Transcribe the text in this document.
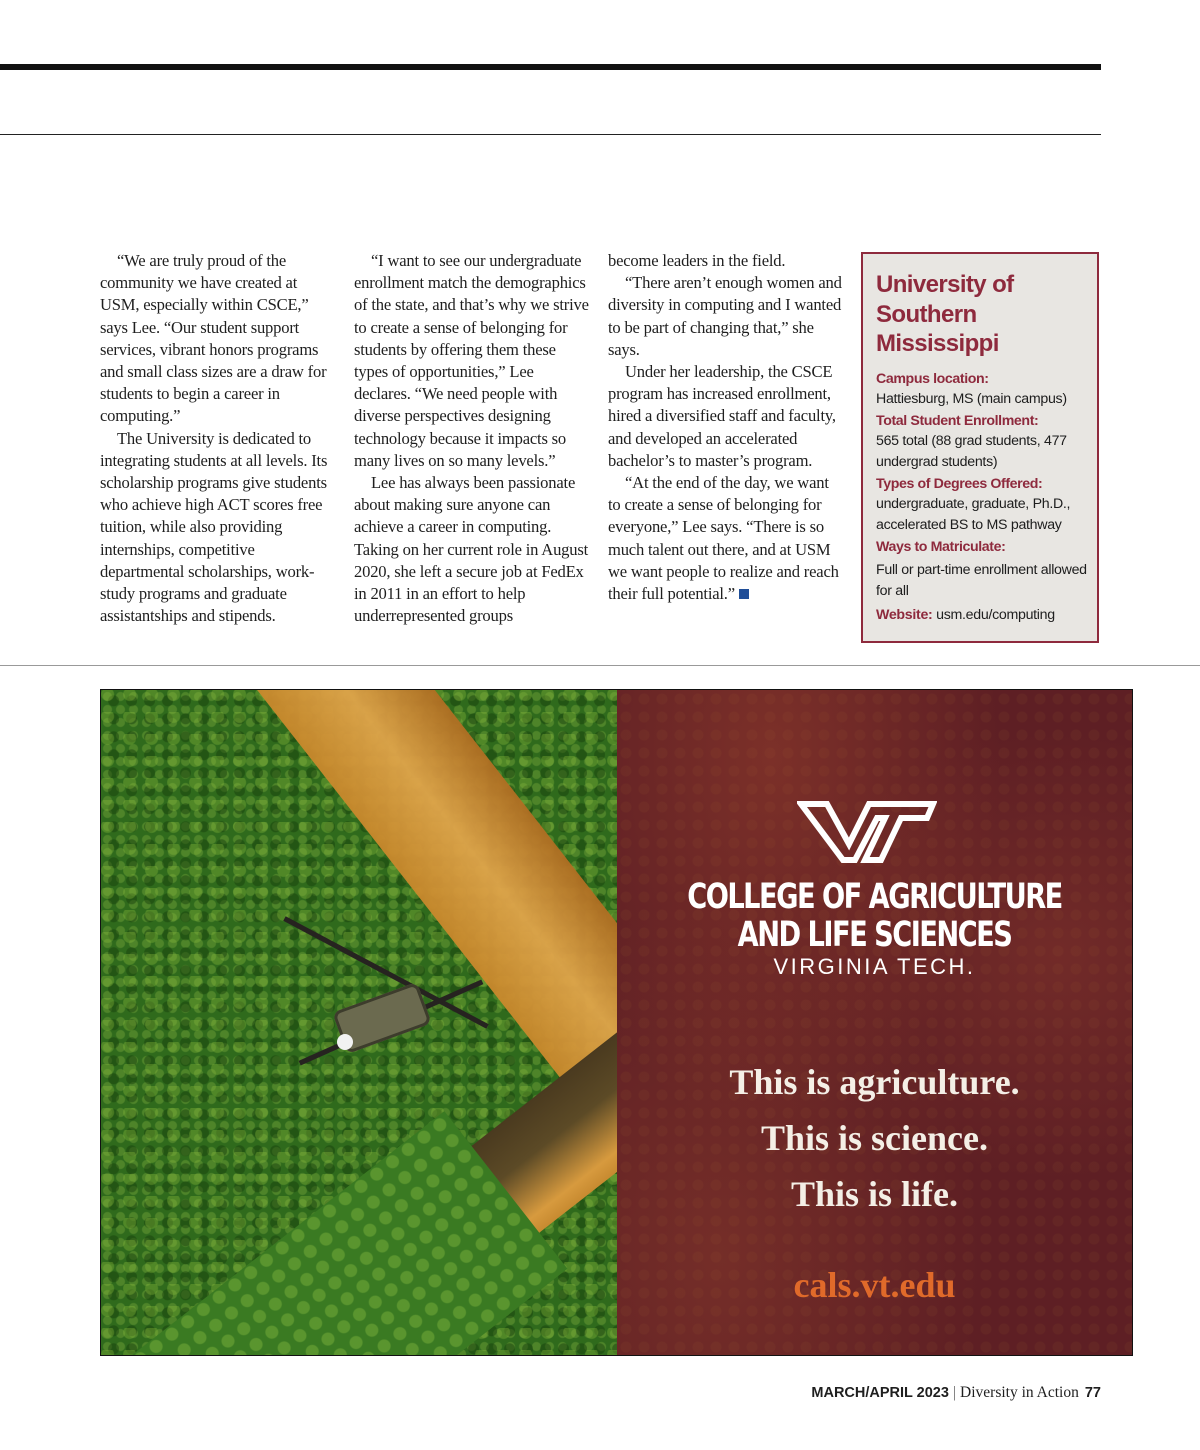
“We are truly proud of the community we have created at USM, especially within CSCE,” says Lee. “Our student support services, vibrant honors programs and small class sizes are a draw for students to begin a career in computing.”

The University is dedicated to integrating students at all levels. Its scholarship programs give students who achieve high ACT scores free tuition, while also providing internships, competitive departmental scholarships, work-study programs and graduate assistantships and stipends.

“I want to see our undergraduate enrollment match the demographics of the state, and that’s why we strive to create a sense of belonging for students by offering them these types of opportunities,” Lee declares. “We need people with diverse perspectives designing technology because it impacts so many lives on so many levels.”

Lee has always been passionate about making sure anyone can achieve a career in computing. Taking on her current role in August 2020, she left a secure job at FedEx in 2011 in an effort to help underrepresented groups

become leaders in the field.

“There aren’t enough women and diversity in computing and I wanted to be part of changing that,” she says.

Under her leadership, the CSCE program has increased enrollment, hired a diversified staff and faculty, and developed an accelerated bachelor’s to master’s program.

“At the end of the day, we want to create a sense of belonging for everyone,” Lee says. “There is so much talent out there, and at USM we want people to realize and reach their full potential.”

University of Southern Mississippi
Campus location:
Hattiesburg, MS (main campus)
Total Student Enrollment:
565 total (88 grad students, 477 undergrad students)
Types of Degrees Offered:
undergraduate, graduate, Ph.D., accelerated BS to MS pathway
Ways to Matriculate:
Full or part-time enrollment allowed for all
Website: usm.edu/computing
COLLEGE OF AGRICULTURE
AND LIFE SCIENCES
VIRGINIA TECH.
This is agriculture.
This is science.
This is life.
cals.vt.edu
MARCH/APRIL 2023 | Diversity in Action 77
